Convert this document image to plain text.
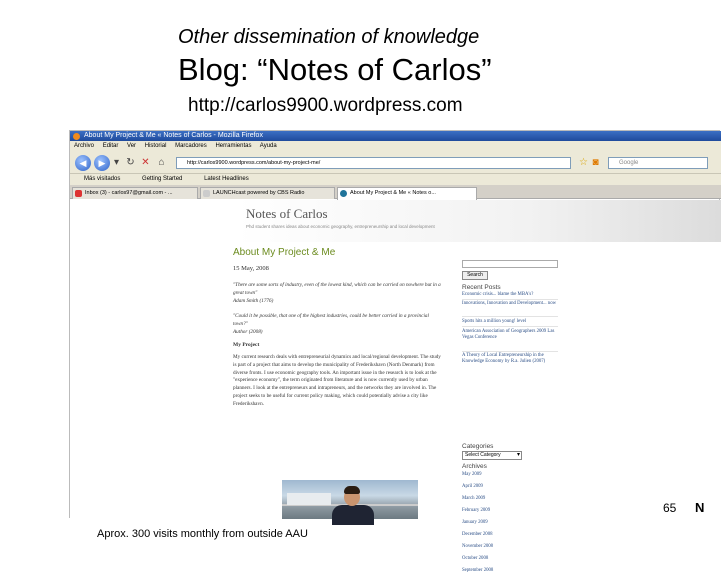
Other dissemination of knowledge
Blog: “Notes of Carlos”
http://carlos9900.wordpress.com
About My Project & Me « Notes of Carlos - Mozilla Firefox
Archivo Editar Ver Historial Marcadores Herramientas Ayuda
◀	▶ ▾ ↻ ✕ ⌂	http://carlos9900.wordpress.com/about-my-project-me/	☆ ◙	Google
Más visitados	Getting Started	Latest Headlines
Inbox (3) - carlos97@gmail.com - ...	LAUNCHcast powered by CBS Radio	About My Project & Me « Notes o...
Notes of Carlos
Phd student shares ideas about economic geography, entrepreneurship and local development
About My Project & Me
15 May, 2008
"There are some sorts of industry, even of the lowest kind, which can be carried on nowhere but in a great town"
Adam Smith (1776)
"Could it be possible, that one of the highest industries, could be better carried in a provincial town?"
Author (2008)
My Project
My current research deals with entrepreneurial dynamics and local/regional development. The study is part of a project that aims to develop the municipality of Frederikshavn (North Denmark) from diverse fronts. I use economic geography tools. An important issue in the research is to look at the "experience economy", the term originated from literature and is now currently used by urban planners. I look at the entrepreneurs and intrapreneurs, and the networks they are involved in. The project seeks to be useful for current policy making, which could potentially advise a city like Frederikshavn.
Search
Recent Posts
Economic crisis... blame the MBA's?
Innovations, Innovation and Development... now
Sports hits a million young! level
American Association of Geographers 2009 Las Vegas Conference
A Theory of Local Entrepreneurship in the Knowledge Economy by R.a. Julien (2007)
Categories
Select Category ▾
Archives
May 2009
April 2009
March 2009
February 2009
January 2009
December 2008
November 2008
October 2008
September 2008
65 N
Aprox. 300 visits monthly from outside AAU
